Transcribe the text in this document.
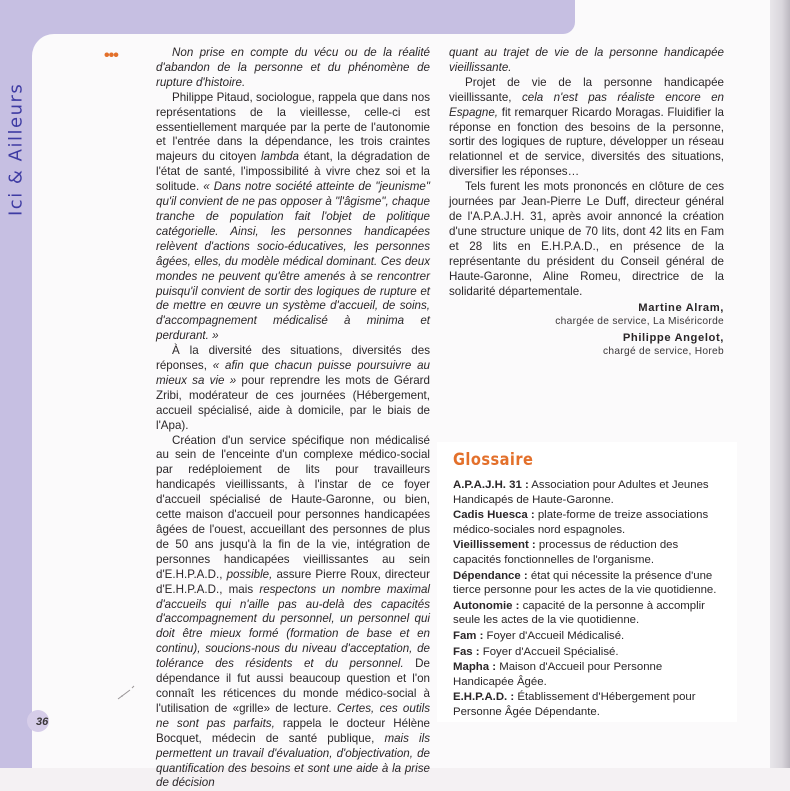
Ici & Ailleurs
•••	Non prise en compte du vécu ou de la réalité d'abandon de la personne et du phénomène de rupture d'histoire.

Philippe Pitaud, sociologue, rappela que dans nos représentations de la vieillesse, celle-ci est essentiellement marquée par la perte de l'autonomie et l'entrée dans la dépendance, les trois craintes majeurs du citoyen lambda étant, la dégradation de l'état de santé, l'impossibilité à vivre chez soi et la solitude. « Dans notre société atteinte de "jeunisme" qu'il convient de ne pas opposer à "l'âgisme", chaque tranche de population fait l'objet de politique catégorielle. Ainsi, les personnes handicapées relèvent d'actions socio-éducatives, les personnes âgées, elles, du modèle médical dominant. Ces deux mondes ne peuvent qu'être amenés à se rencontrer puisqu'il convient de sortir des logiques de rupture et de mettre en œuvre un système d'accueil, de soins, d'accompagnement médicalisé à minima et perdurant. »

À la diversité des situations, diversités des réponses, « afin que chacun puisse poursuivre au mieux sa vie » pour reprendre les mots de Gérard Zribi, modérateur de ces journées (Hébergement, accueil spécialisé, aide à domicile, par le biais de l'Apa).

Création d'un service spécifique non médicalisé au sein de l'enceinte d'un complexe médico-social par redéploiement de lits pour travailleurs handicapés vieillissants, à l'instar de ce foyer d'accueil spécialisé de Haute-Garonne, ou bien, cette maison d'accueil pour personnes handicapées âgées de l'ouest, accueillant des personnes de plus de 50 ans jusqu'à la fin de la vie, intégration de personnes handicapées vieillissantes au sein d'E.H.P.A.D., possible, assure Pierre Roux, directeur d'E.H.P.A.D., mais respectons un nombre maximal d'accueils qui n'aille pas au-delà des capacités d'accompagnement du personnel, un personnel qui doit être mieux formé (formation de base et en continu), soucions-nous du niveau d'acceptation, de tolérance des résidents et du personnel. De dépendance il fut aussi beaucoup question et l'on connaît les réticences du monde médico-social à l'utilisation de «grille» de lecture. Certes, ces outils ne sont pas parfaits, rappela le docteur Hélène Bocquet, médecin de santé publique, mais ils permettent un travail d'évaluation, d'objectivation, de quantification des besoins et sont une aide à la prise de décision

quant au trajet de vie de la personne handicapée vieillissante.

Projet de vie de la personne handicapée vieillissante, cela n'est pas réaliste encore en Espagne, fit remarquer Ricardo Moragas. Fluidifier la réponse en fonction des besoins de la personne, sortir des logiques de rupture, développer un réseau relationnel et de service, diversités des situations, diversifier les réponses…

Tels furent les mots prononcés en clôture de ces journées par Jean-Pierre Le Duff, directeur général de l'A.P.A.J.H. 31, après avoir annoncé la création d'une structure unique de 70 lits, dont 42 lits en Fam et 28 lits en E.H.P.A.D., en présence de la représentante du président du Conseil général de Haute-Garonne, Aline Romeu, directrice de la solidarité départementale.

Martine Alram,
chargée de service, La Miséricorde
Philippe Angelot,
chargé de service, Horeb
Glossaire
A.P.A.J.H. 31 : Association pour Adultes et Jeunes Handicapés de Haute-Garonne.
Cadis Huesca : plate-forme de treize associations médico-sociales nord espagnoles.
Vieillissement : processus de réduction des capacités fonctionnelles de l'organisme.
Dépendance : état qui nécessite la présence d'une tierce personne pour les actes de la vie quotidienne.
Autonomie : capacité de la personne à accomplir seule les actes de la vie quotidienne.
Fam : Foyer d'Accueil Médicalisé.
Fas : Foyer d'Accueil Spécialisé.
Mapha : Maison d'Accueil pour Personne Handicapée Âgée.
E.H.P.A.D. : Établissement d'Hébergement pour Personne Âgée Dépendante.
36
